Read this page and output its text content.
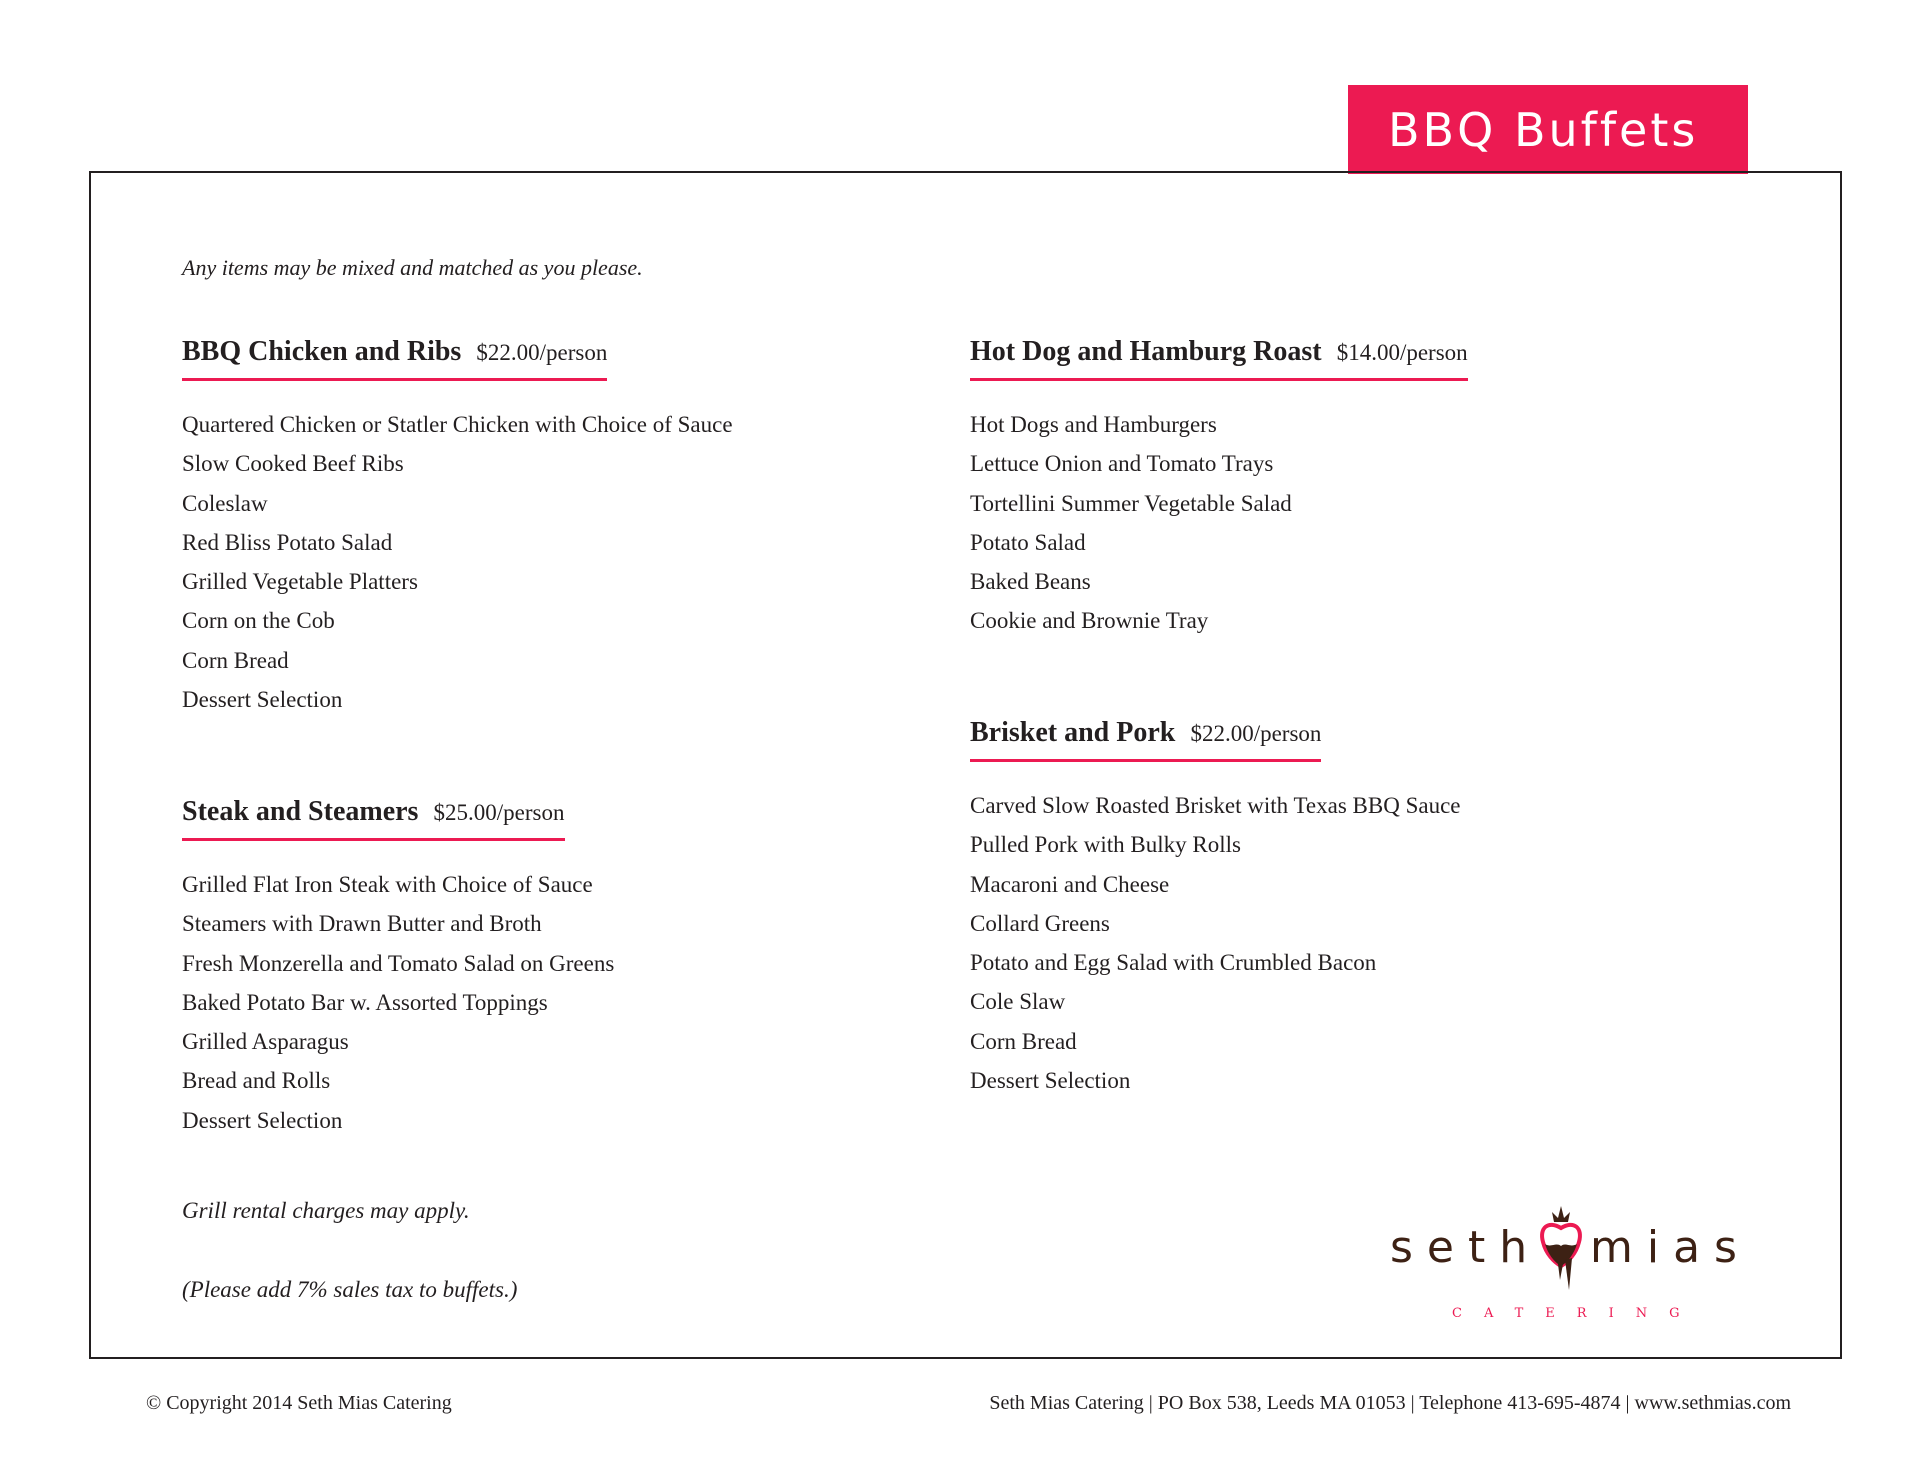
BBQ Buffets
Any items may be mixed and matched as you please.
BBQ Chicken and Ribs $22.00/person
Quartered Chicken or Statler Chicken with Choice of Sauce
Slow Cooked Beef Ribs
Coleslaw
Red Bliss Potato Salad
Grilled Vegetable Platters
Corn on the Cob
Corn Bread
Dessert Selection
Steak and Steamers $25.00/person
Grilled Flat Iron Steak with Choice of Sauce
Steamers with Drawn Butter and Broth
Fresh Monzerella and Tomato Salad on Greens
Baked Potato Bar w. Assorted Toppings
Grilled Asparagus
Bread and Rolls
Dessert Selection
Hot Dog and Hamburg Roast $14.00/person
Hot Dogs and Hamburgers
Lettuce Onion and Tomato Trays
Tortellini Summer Vegetable Salad
Potato Salad
Baked Beans
Cookie and Brownie Tray
Brisket and Pork $22.00/person
Carved Slow Roasted Brisket with Texas BBQ Sauce
Pulled Pork with Bulky Rolls
Macaroni and Cheese
Collard Greens
Potato and Egg Salad with Crumbled Bacon
Cole Slaw
Corn Bread
Dessert Selection
Grill rental charges may apply.
(Please add 7% sales tax to buffets.)
seth mias
CATERING
© Copyright 2014 Seth Mias Catering	Seth Mias Catering | PO Box 538, Leeds MA 01053 | Telephone 413-695-4874 | www.sethmias.com
